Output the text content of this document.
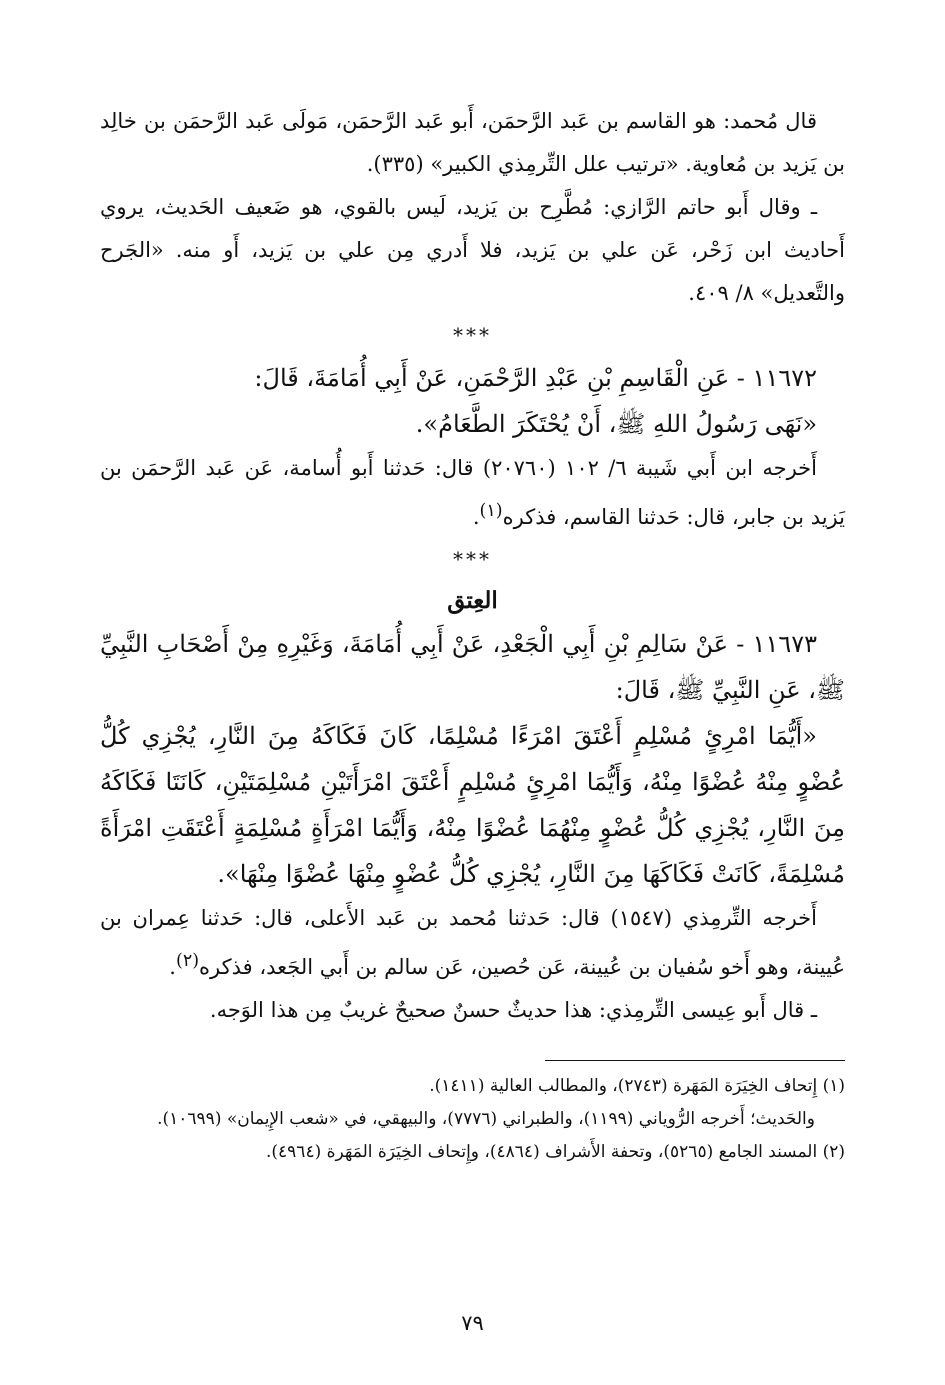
قال مُحمد: هو القاسم بن عَبد الرَّحمَن، أَبو عَبد الرَّحمَن، مَولَى عَبد الرَّحمَن بن خالِد بن يَزيد بن مُعاوية. «ترتيب علل التِّرمِذي الكبير» (٣٣٥).

ـ وقال أَبو حاتم الرَّازي: مُطَّرِح بن يَزيد، لَيس بالقوي، هو ضَعيف الحَديث، يروي أَحاديث ابن زَحْر، عَن علي بن يَزيد، فلا أَدري مِن علي بن يَزيد، أَو منه. «الجَرح والتَّعديل» ٨/ ٤٠٩.

***

١١٦٧٢ - عَنِ الْقَاسِمِ بْنِ عَبْدِ الرَّحْمَنِ، عَنْ أَبِي أُمَامَةَ، قَالَ:

«نَهَى رَسُولُ اللهِ ﷺ، أَنْ يُحْتَكَرَ الطَّعَامُ».

أَخرجه ابن أَبي شَيبة ٦/ ١٠٢ (٢٠٧٦٠) قال: حَدثنا أَبو أُسامة، عَن عَبد الرَّحمَن بن يَزيد بن جابر، قال: حَدثنا القاسم، فذكره$^{(١)}$.

***
العِتق

١١٦٧٣ - عَنْ سَالِمِ بْنِ أَبِي الْجَعْدِ، عَنْ أَبِي أُمَامَةَ، وَغَيْرِهِ مِنْ أَصْحَابِ النَّبِيِّ ﷺ، عَنِ النَّبِيِّ ﷺ، قَالَ:

«أَيُّمَا امْرِئٍ مُسْلِمٍ أَعْتَقَ امْرَءًا مُسْلِمًا، كَانَ فَكَاكَهُ مِنَ النَّارِ، يُجْزِي كُلُّ عُضْوٍ مِنْهُ عُضْوًا مِنْهُ، وَأَيُّمَا امْرِئٍ مُسْلِمٍ أَعْتَقَ امْرَأَتَيْنِ مُسْلِمَتَيْنِ، كَانَتَا فَكَاكَهُ مِنَ النَّارِ، يُجْزِي كُلُّ عُضْوٍ مِنْهُمَا عُضْوًا مِنْهُ، وَأَيُّمَا امْرَأَةٍ مُسْلِمَةٍ أَعْتَقَتِ امْرَأَةً مُسْلِمَةً، كَانَتْ فَكَاكَهَا مِنَ النَّارِ، يُجْزِي كُلُّ عُضْوٍ مِنْهَا عُضْوًا مِنْهَا».

أَخرجه التِّرمِذي (١٥٤٧) قال: حَدثنا مُحمد بن عَبد الأَعلى، قال: حَدثنا عِمران بن عُيينة، وهو أَخو سُفيان بن عُيينة، عَن حُصين، عَن سالم بن أَبي الجَعد، فذكره$^{(٢)}$.

ـ قال أَبو عِيسى التِّرمِذي: هذا حديثٌ حسنٌ صحيحٌ غريبٌ مِن هذا الوَجه.

(١) إِتحاف الخِيَرَة المَهَرة (٢٧٤٣)، والمطالب العالية (١٤١١).

والحَديث؛ أَخرجه الرُّوياني (١١٩٩)، والطبراني (٧٧٧٦)، والبيهقي، في «شعب الإِيمان» (١٠٦٩٩).

(٢) المسند الجامع (٥٢٦٥)، وتحفة الأَشراف (٤٨٦٤)، وإِتحاف الخِيَرَة المَهَرة (٤٩٦٤).

٧٩
